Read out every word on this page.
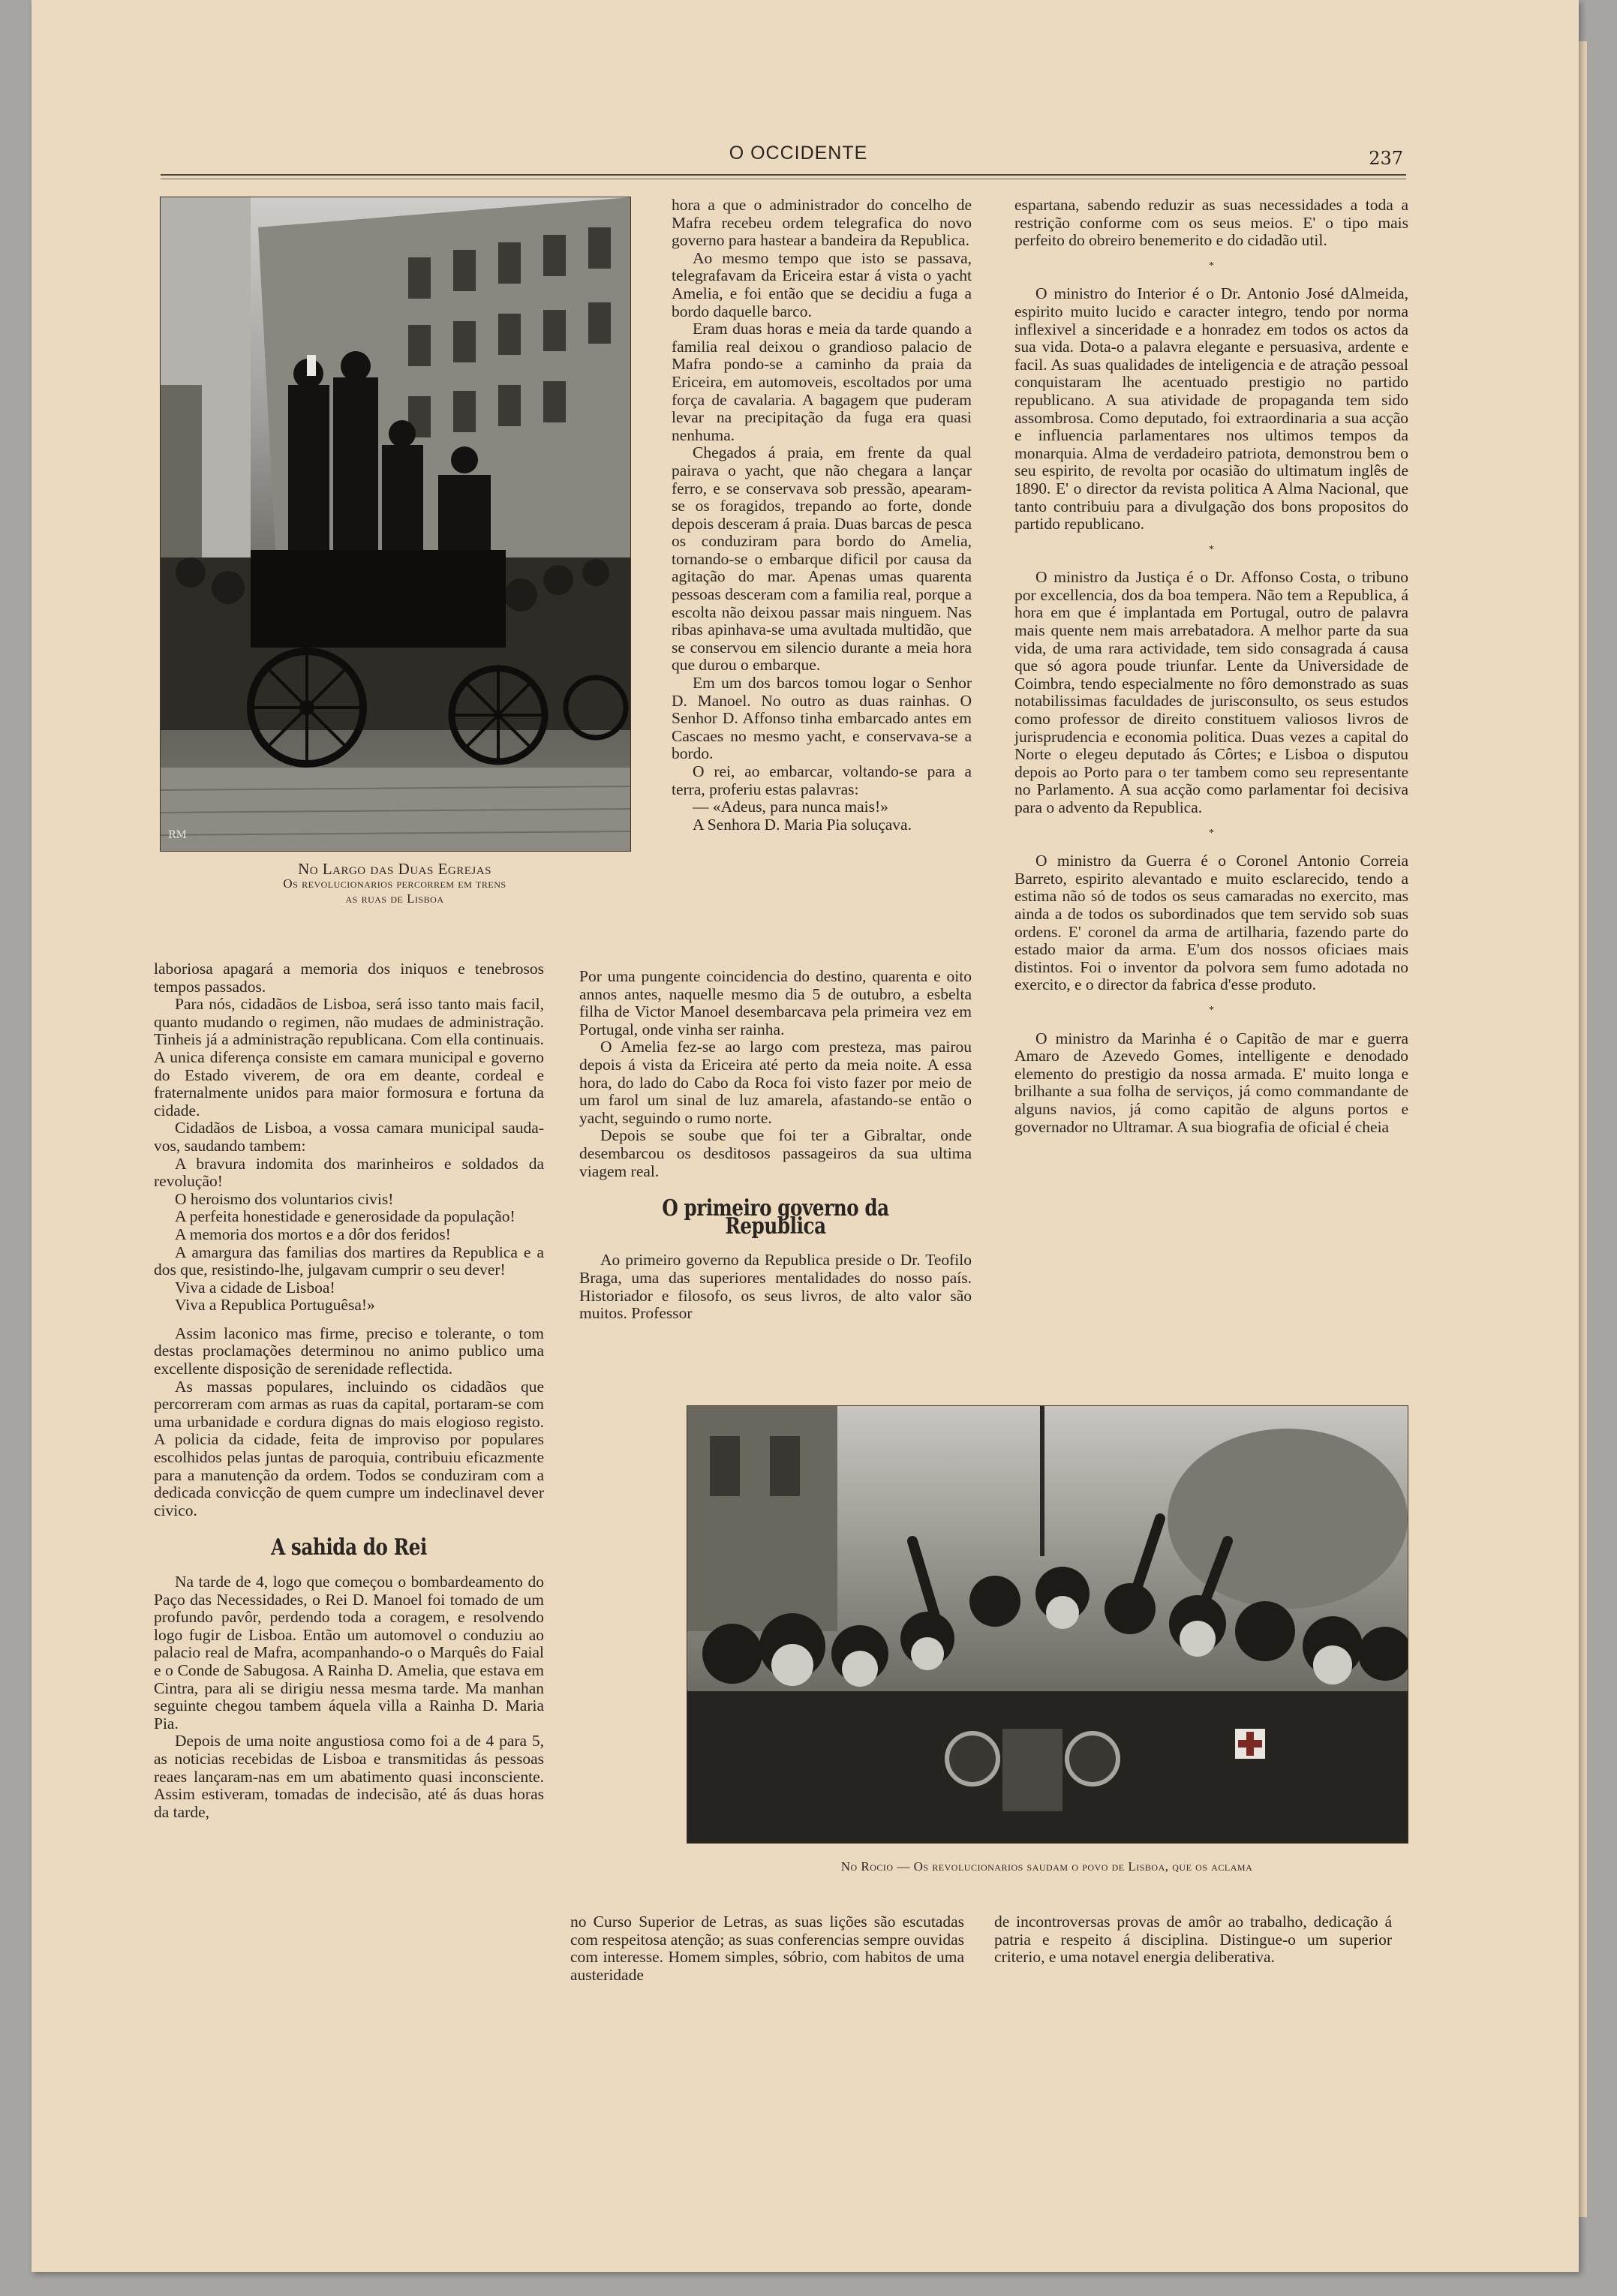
O OCCIDENTE	237
RM
No Largo das Duas Egrejas
Os revolucionarios percorrem em trens
as ruas de Lisboa

laboriosa apagará a memoria dos iniquos e tenebrosos tempos passados.

Para nós, cidadãos de Lisboa, será isso tanto mais facil, quanto mudando o regimen, não mudaes de administração. Tinheis já a administração republicana. Com ella continuais. A unica diferença consiste em camara municipal e governo do Estado viverem, de ora em deante, cordeal e fraternalmente unidos para maior formosura e fortuna da cidade.

Cidadãos de Lisboa, a vossa camara municipal sauda-vos, saudando tambem:

A bravura indomita dos marinheiros e soldados da revolução!

O heroismo dos voluntarios civis!

A perfeita honestidade e generosidade da população!

A memoria dos mortos e a dôr dos feridos!

A amargura das familias dos martires da Republica e a dos que, resistindo-lhe, julgavam cumprir o seu dever!

Viva a cidade de Lisboa!

Viva a Republica Portuguêsa!»

Assim laconico mas firme, preciso e tolerante, o tom destas proclamações determinou no animo publico uma excellente disposição de serenidade reflectida.

As massas populares, incluindo os cidadãos que percorreram com armas as ruas da capital, portaram-se com uma urbanidade e cordura dignas do mais elogioso registo. A policia da cidade, feita de improviso por populares escolhidos pelas juntas de paroquia, contribuiu eficazmente para a manutenção da ordem. Todos se conduziram com a dedicada convicção de quem cumpre um indeclinavel dever civico.

A sahida do Rei

Na tarde de 4, logo que começou o bombardeamento do Paço das Necessidades, o Rei D. Manoel foi tomado de um profundo pavôr, perdendo toda a coragem, e resolvendo logo fugir de Lisboa. Então um automovel o conduziu ao palacio real de Mafra, acompanhando-o o Marquês do Faial e o Conde de Sabugosa. A Rainha D. Amelia, que estava em Cintra, para ali se dirigiu nessa mesma tarde. Ma manhan seguinte chegou tambem áquela villa a Rainha D. Maria Pia.

Depois de uma noite angustiosa como foi a de 4 para 5, as noticias recebidas de Lisboa e transmitidas ás pessoas reaes lançaram-nas em um abatimento quasi inconsciente. Assim estiveram, tomadas de indecisão, até ás duas horas da tarde,

hora a que o administrador do concelho de Mafra recebeu ordem telegrafica do novo governo para hastear a bandeira da Republica.

Ao mesmo tempo que isto se passava, telegrafavam da Ericeira estar á vista o yacht Amelia, e foi então que se decidiu a fuga a bordo daquelle barco.

Eram duas horas e meia da tarde quando a familia real deixou o grandioso palacio de Mafra pondo-se a caminho da praia da Ericeira, em automoveis, escoltados por uma força de cavalaria. A bagagem que puderam levar na precipitação da fuga era quasi nenhuma.

Chegados á praia, em frente da qual pairava o yacht, que não chegara a lançar ferro, e se conservava sob pressão, apearam-se os foragidos, trepando ao forte, donde depois desceram á praia. Duas barcas de pesca os conduziram para bordo do Amelia, tornando-se o embarque dificil por causa da agitação do mar. Apenas umas quarenta pessoas desceram com a familia real, porque a escolta não deixou passar mais ninguem. Nas ribas apinhava-se uma avultada multidão, que se conservou em silencio durante a meia hora que durou o embarque.

Em um dos barcos tomou logar o Senhor D. Manoel. No outro as duas rainhas. O Senhor D. Affonso tinha embarcado antes em Cascaes no mesmo yacht, e conservava-se a bordo.

O rei, ao embarcar, voltando-se para a terra, proferiu estas palavras:

— «Adeus, para nunca mais!»

A Senhora D. Maria Pia soluçava.

Por uma pungente coincidencia do destino, quarenta e oito annos antes, naquelle mesmo dia 5 de outubro, a esbelta filha de Victor Manoel desembarcava pela primeira vez em Portugal, onde vinha ser rainha.

O Amelia fez-se ao largo com presteza, mas pairou depois á vista da Ericeira até perto da meia noite. A essa hora, do lado do Cabo da Roca foi visto fazer por meio de um farol um sinal de luz amarela, afastando-se então o yacht, seguindo o rumo norte.

Depois se soube que foi ter a Gibraltar, onde desembarcou os desditosos passageiros da sua ultima viagem real.

O primeiro governo da Republica

Ao primeiro governo da Republica preside o Dr. Teofilo Braga, uma das superiores mentalidades do nosso país. Historiador e filosofo, os seus livros, de alto valor são muitos. Professor

espartana, sabendo reduzir as suas necessidades a toda a restrição conforme com os seus meios. E' o tipo mais perfeito do obreiro benemerito e do cidadão util.

*

O ministro do Interior é o Dr. Antonio José dAlmeida, espirito muito lucido e caracter integro, tendo por norma inflexivel a sinceridade e a honradez em todos os actos da sua vida. Dota-o a palavra elegante e persuasiva, ardente e facil. As suas qualidades de inteligencia e de atração pessoal conquistaram lhe acentuado prestigio no partido republicano. A sua atividade de propaganda tem sido assombrosa. Como deputado, foi extraordinaria a sua acção e influencia parlamentares nos ultimos tempos da monarquia. Alma de verdadeiro patriota, demonstrou bem o seu espirito, de revolta por ocasião do ultimatum inglês de 1890. E' o director da revista politica A Alma Nacional, que tanto contribuiu para a divulgação dos bons propositos do partido republicano.

*

O ministro da Justiça é o Dr. Affonso Costa, o tribuno por excellencia, dos da boa tempera. Não tem a Republica, á hora em que é implantada em Portugal, outro de palavra mais quente nem mais arrebatadora. A melhor parte da sua vida, de uma rara actividade, tem sido consagrada á causa que só agora poude triunfar. Lente da Universidade de Coimbra, tendo especialmente no fôro demonstrado as suas notabilissimas faculdades de jurisconsulto, os seus estudos como professor de direito constituem valiosos livros de jurisprudencia e economia politica. Duas vezes a capital do Norte o elegeu deputado ás Côrtes; e Lisboa o disputou depois ao Porto para o ter tambem como seu representante no Parlamento. A sua acção como parlamentar foi decisiva para o advento da Republica.

*

O ministro da Guerra é o Coronel Antonio Correia Barreto, espirito alevantado e muito esclarecido, tendo a estima não só de todos os seus camaradas no exercito, mas ainda a de todos os subordinados que tem servido sob suas ordens. E' coronel da arma de artilharia, fazendo parte do estado maior da arma. E'um dos nossos oficiaes mais distintos. Foi o inventor da polvora sem fumo adotada no exercito, e o director da fabrica d'esse produto.

*

O ministro da Marinha é o Capitão de mar e guerra Amaro de Azevedo Gomes, intelligente e denodado elemento do prestigio da nossa armada. E' muito longa e brilhante a sua folha de serviços, já como commandante de alguns navios, já como capitão de alguns portos e governador no Ultramar. A sua biografia de oficial é cheia

No Rocio — Os revolucionarios saudam o povo de Lisboa, que os aclama

no Curso Superior de Letras, as suas lições são escutadas com respeitosa atenção; as suas conferencias sempre ouvidas com interesse. Homem simples, sóbrio, com habitos de uma austeridade

de incontroversas provas de amôr ao trabalho, dedicação á patria e respeito á disciplina. Distingue-o um superior criterio, e uma notavel energia deliberativa.
